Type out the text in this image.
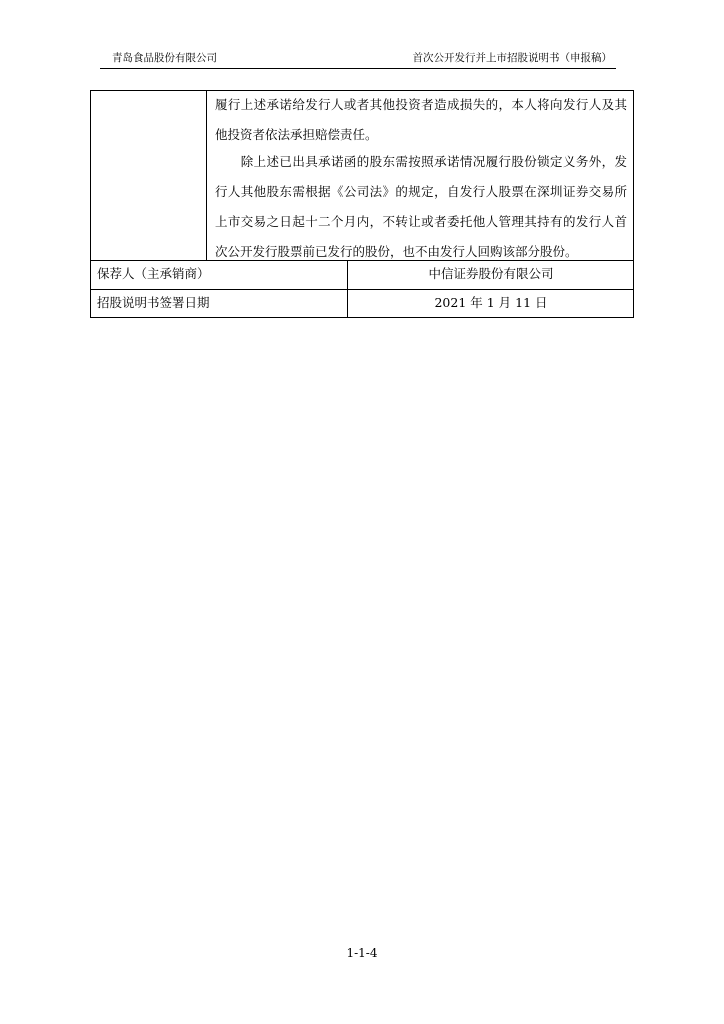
青岛食品股份有限公司	首次公开发行并上市招股说明书（申报稿）

履行上述承诺给发行人或者其他投资者造成损失的，本人将向发行人及其他投资者依法承担赔偿责任。

　　除上述已出具承诺函的股东需按照承诺情况履行股份锁定义务外，发行人其他股东需根据《公司法》的规定，自发行人股票在深圳证券交易所上市交易之日起十二个月内，不转让或者委托他人管理其持有的发行人首次公开发行股票前已发行的股份，也不由发行人回购该部分股份。

保荐人（主承销商）	中信证券股份有限公司
招股说明书签署日期	2021 年 1 月 11 日
1-1-4
